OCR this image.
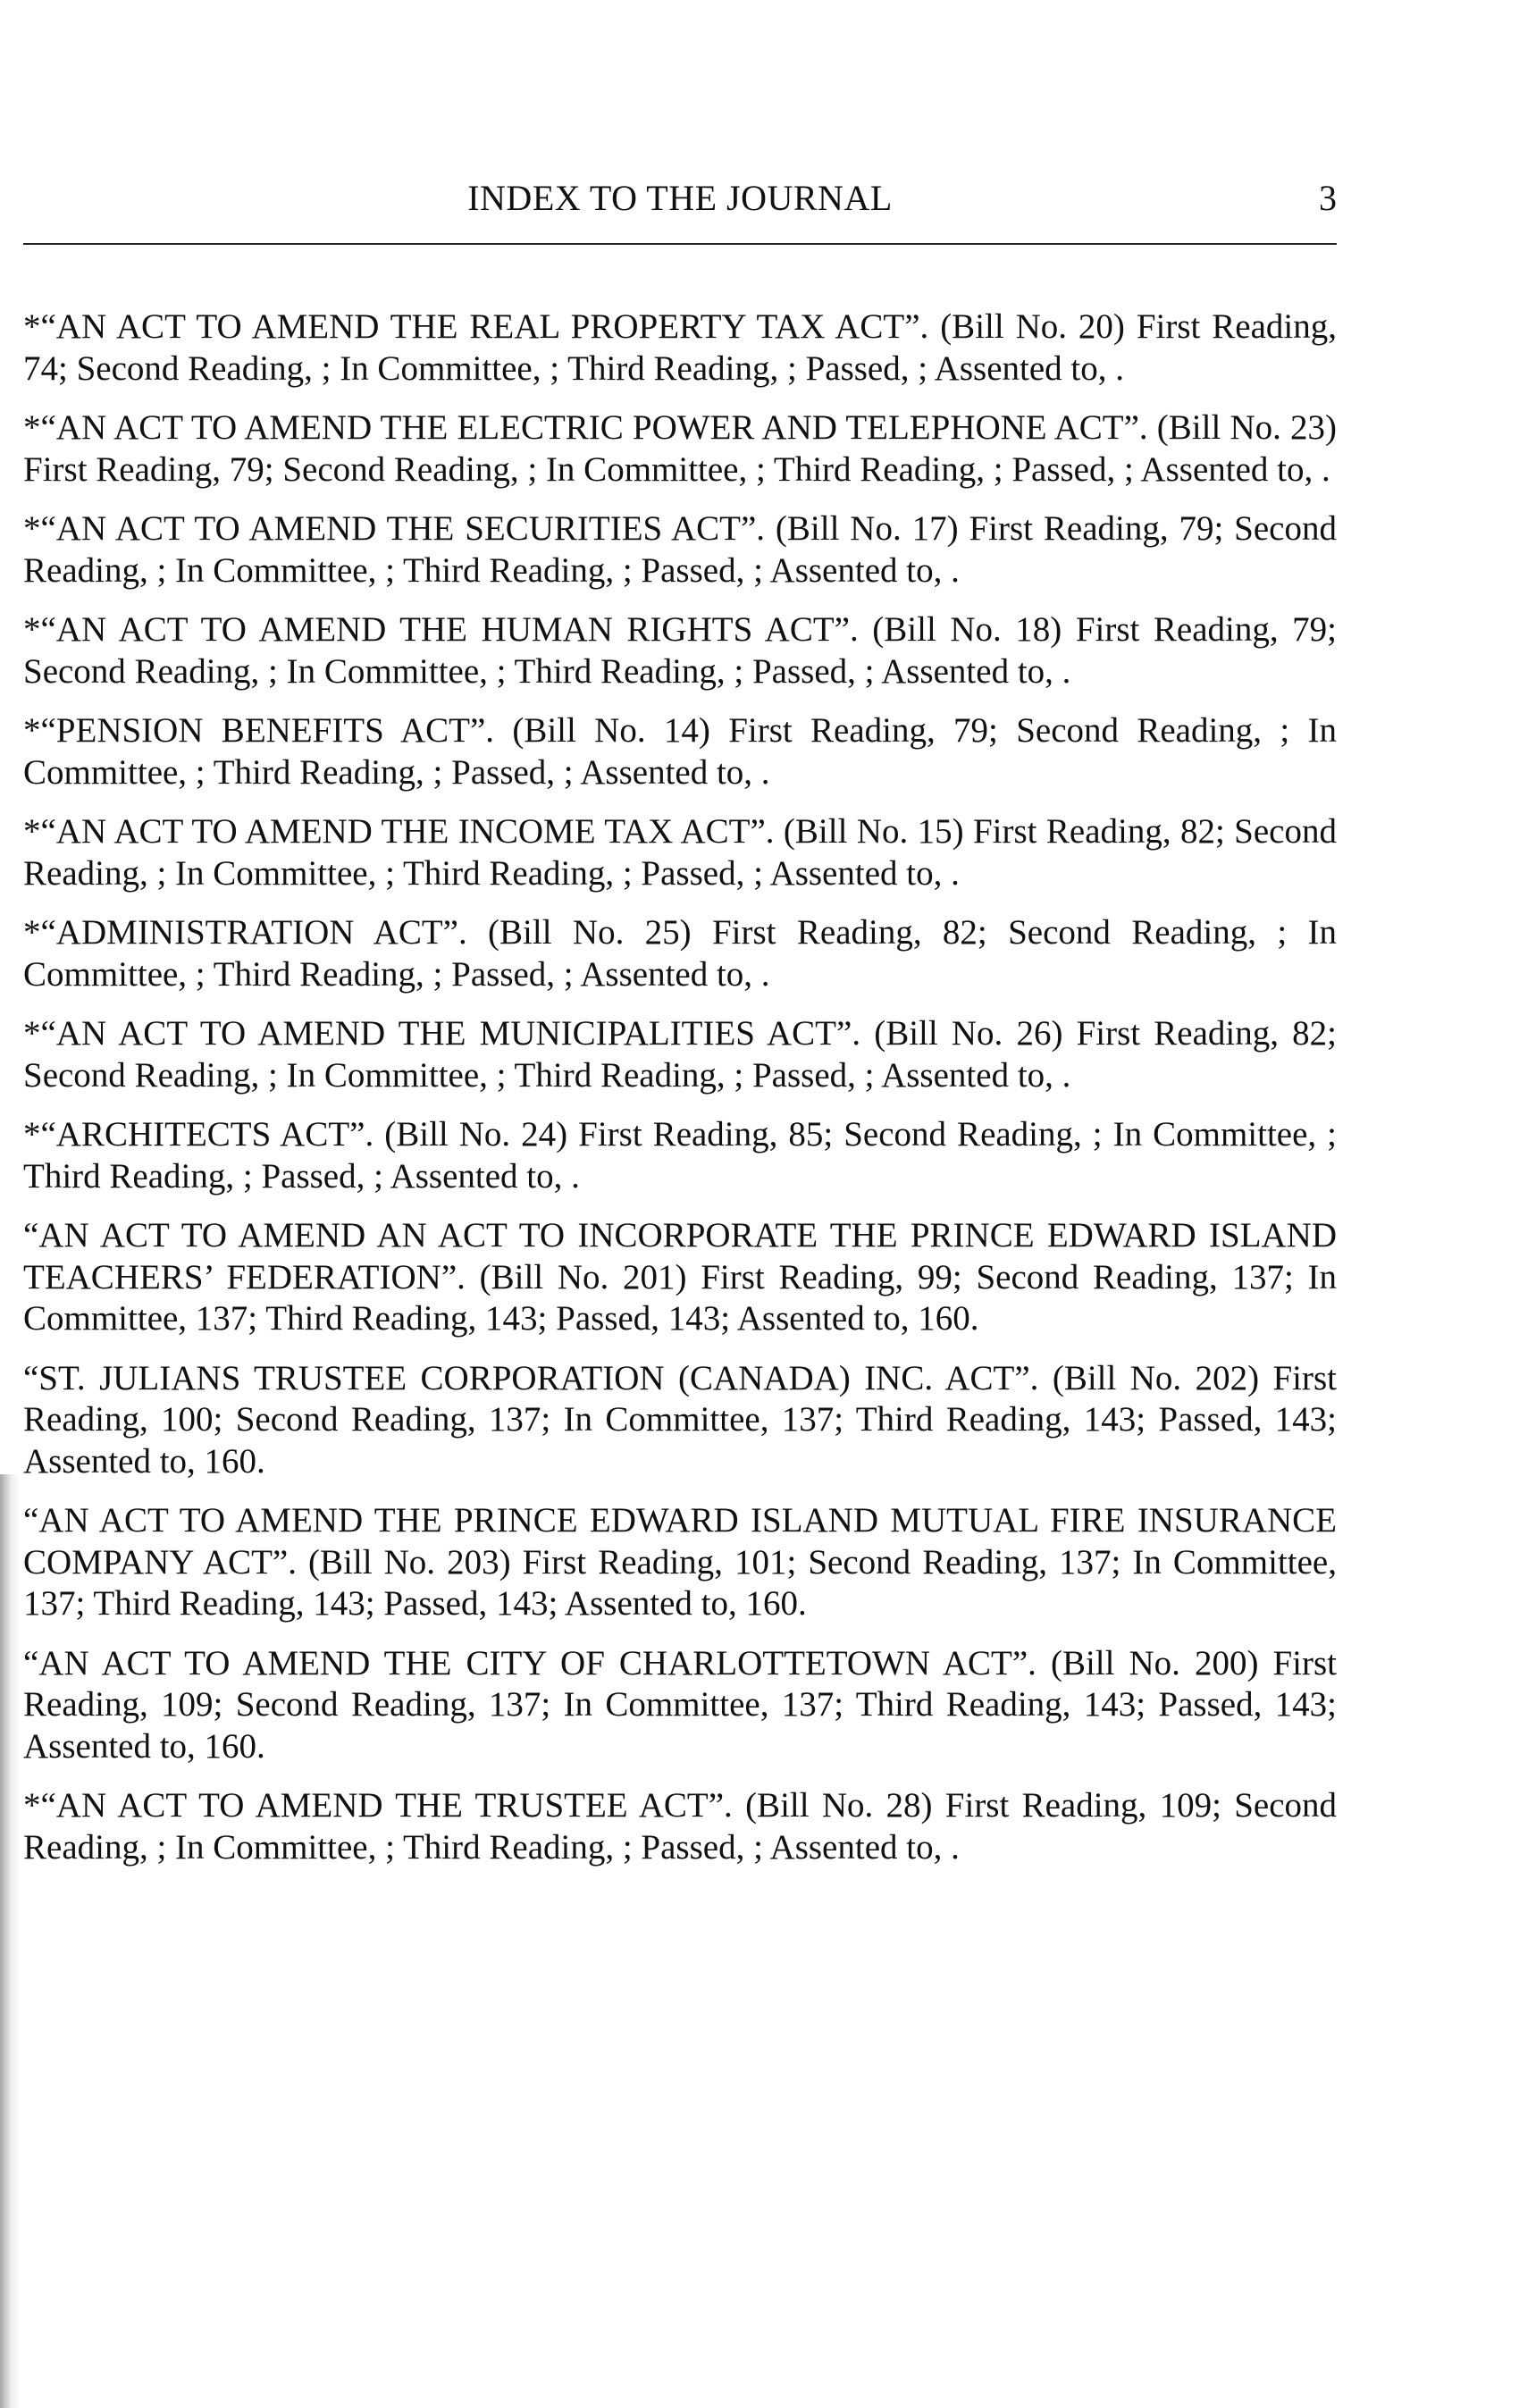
INDEX TO THE JOURNAL	3
*“AN ACT TO AMEND THE REAL PROPERTY TAX ACT”. (Bill No. 20) First Reading, 74; Second Reading, ; In Committee, ; Third Reading, ; Passed, ; Assented to, .
*“AN ACT TO AMEND THE ELECTRIC POWER AND TELEPHONE ACT”. (Bill No. 23) First Reading, 79; Second Reading, ; In Committee, ; Third Reading, ; Passed, ; Assented to, .
*“AN ACT TO AMEND THE SECURITIES ACT”. (Bill No. 17) First Reading, 79; Second Reading, ; In Committee, ; Third Reading, ; Passed, ; Assented to, .
*“AN ACT TO AMEND THE HUMAN RIGHTS ACT”. (Bill No. 18) First Reading, 79; Second Reading, ; In Committee, ; Third Reading, ; Passed, ; Assented to, .
*“PENSION BENEFITS ACT”. (Bill No. 14) First Reading, 79; Second Reading, ; In Committee, ; Third Reading, ; Passed, ; Assented to, .
*“AN ACT TO AMEND THE INCOME TAX ACT”. (Bill No. 15) First Reading, 82; Second Reading, ; In Committee, ; Third Reading, ; Passed, ; Assented to, .
*“ADMINISTRATION ACT”. (Bill No. 25) First Reading, 82; Second Reading, ; In Committee, ; Third Reading, ; Passed, ; Assented to, .
*“AN ACT TO AMEND THE MUNICIPALITIES ACT”. (Bill No. 26) First Reading, 82; Second Reading, ; In Committee, ; Third Reading, ; Passed, ; Assented to, .
*“ARCHITECTS ACT”. (Bill No. 24) First Reading, 85; Second Reading, ; In Committee, ; Third Reading, ; Passed, ; Assented to, .
“AN ACT TO AMEND AN ACT TO INCORPORATE THE PRINCE EDWARD ISLAND TEACHERS’ FEDERATION”. (Bill No. 201) First Reading, 99; Second Reading, 137; In Committee, 137; Third Reading, 143; Passed, 143; Assented to, 160.
“ST. JULIANS TRUSTEE CORPORATION (CANADA) INC. ACT”. (Bill No. 202) First Reading, 100; Second Reading, 137; In Committee, 137; Third Reading, 143; Passed, 143; Assented to, 160.
“AN ACT TO AMEND THE PRINCE EDWARD ISLAND MUTUAL FIRE INSURANCE COMPANY ACT”. (Bill No. 203) First Reading, 101; Second Reading, 137; In Committee, 137; Third Reading, 143; Passed, 143; Assented to, 160.
“AN ACT TO AMEND THE CITY OF CHARLOTTETOWN ACT”. (Bill No. 200) First Reading, 109; Second Reading, 137; In Committee, 137; Third Reading, 143; Passed, 143; Assented to, 160.
*“AN ACT TO AMEND THE TRUSTEE ACT”. (Bill No. 28) First Reading, 109; Second Reading, ; In Committee, ; Third Reading, ; Passed, ; Assented to, .
